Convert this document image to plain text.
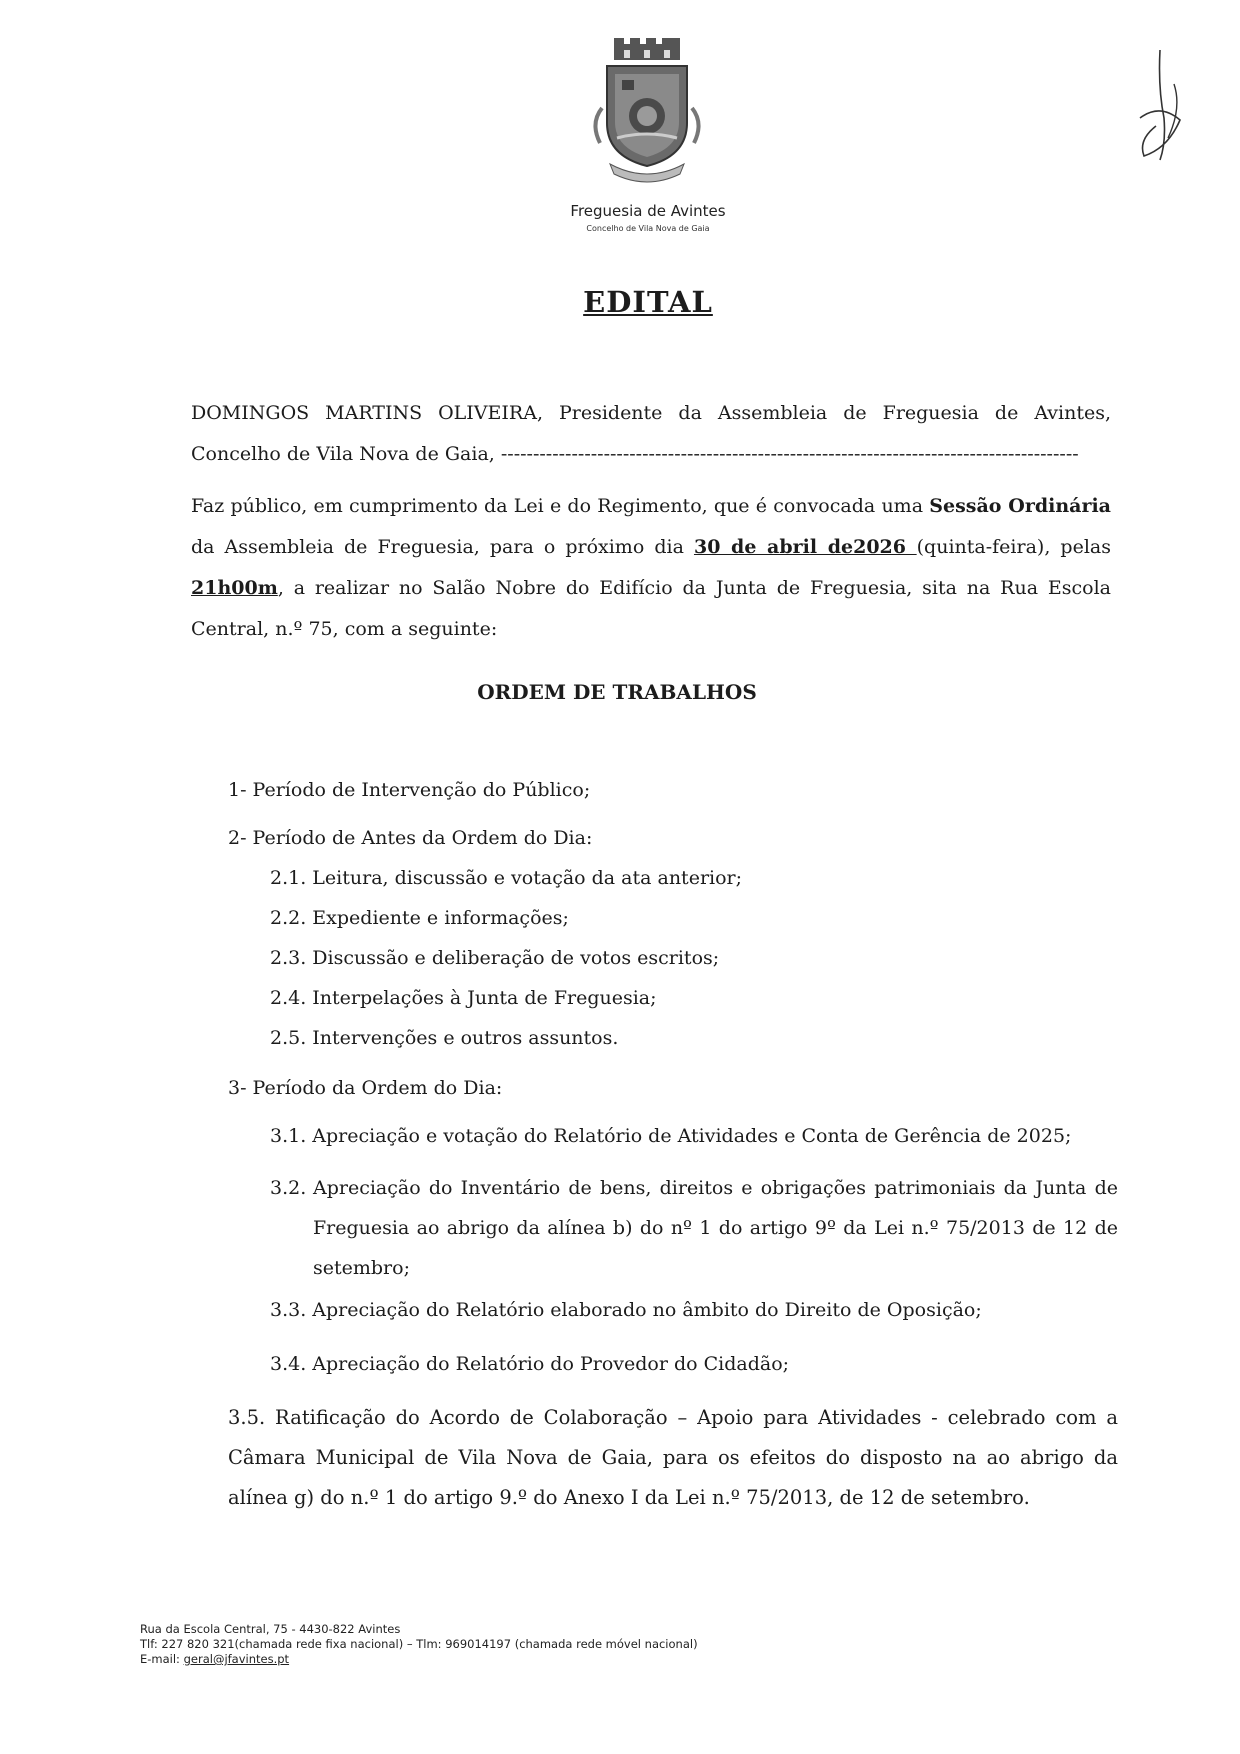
Freguesia de Avintes
Concelho de Vila Nova de Gaia
EDITAL
DOMINGOS MARTINS OLIVEIRA, Presidente da Assembleia de Freguesia de Avintes, Concelho de Vila Nova de Gaia, ------------------------------------------------------------------------------------------
Faz público, em cumprimento da Lei e do Regimento, que é convocada uma Sessão Ordinária da Assembleia de Freguesia, para o próximo dia 30 de abril de2026 (quinta-feira), pelas 21h00m, a realizar no Salão Nobre do Edifício da Junta de Freguesia, sita na Rua Escola Central, n.º 75, com a seguinte:
ORDEM DE TRABALHOS
1- Período de Intervenção do Público;
2- Período de Antes da Ordem do Dia:
2.1. Leitura, discussão e votação da ata anterior;
2.2. Expediente e informações;
2.3. Discussão e deliberação de votos escritos;
2.4. Interpelações à Junta de Freguesia;
2.5. Intervenções e outros assuntos.
3- Período da Ordem do Dia:
3.1. Apreciação e votação do Relatório de Atividades e Conta de Gerência de 2025;
3.2. Apreciação do Inventário de bens, direitos e obrigações patrimoniais da Junta de Freguesia ao abrigo da alínea b) do nº 1 do artigo 9º da Lei n.º 75/2013 de 12 de setembro;
3.3. Apreciação do Relatório elaborado no âmbito do Direito de Oposição;
3.4. Apreciação do Relatório do Provedor do Cidadão;
3.5. Ratificação do Acordo de Colaboração – Apoio para Atividades - celebrado com a Câmara Municipal de Vila Nova de Gaia, para os efeitos do disposto na ao abrigo da alínea g) do n.º 1 do artigo 9.º do Anexo I da Lei n.º 75/2013, de 12 de setembro.
Rua da Escola Central, 75 - 4430-822 Avintes
Tlf: 227 820 321(chamada rede fixa nacional) – Tlm: 969014197 (chamada rede móvel nacional)
E-mail: geral@jfavintes.pt
